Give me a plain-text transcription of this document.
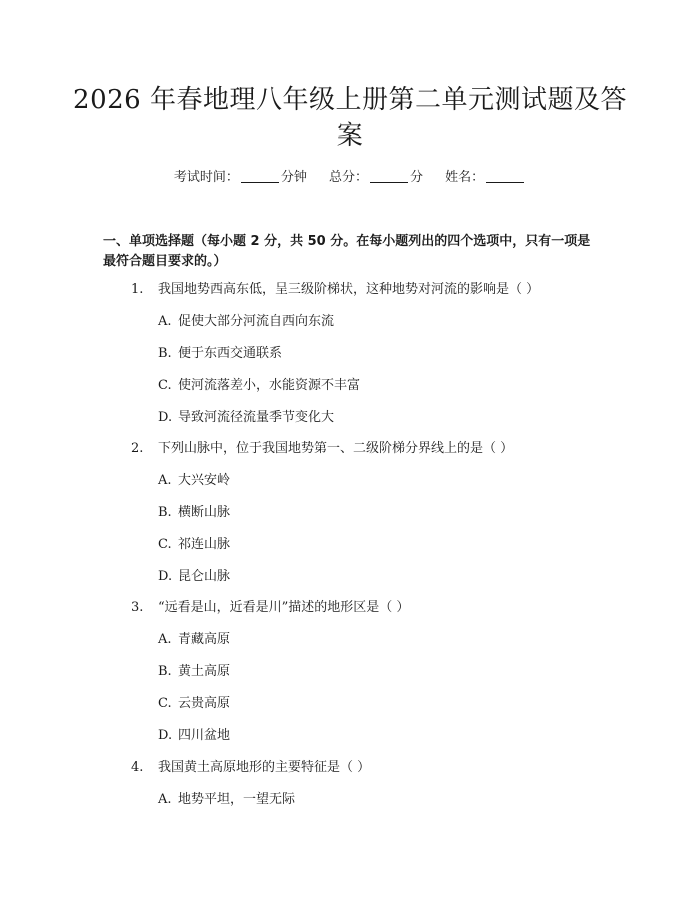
2026 年春地理八年级上册第二单元测试题及答案
考试时间：	分钟 总分：	分 姓名：
一、单项选择题（每小题 2 分，共 50 分。在每小题列出的四个选项中，只有一项是最符合题目要求的。）
1. 我国地势西高东低，呈三级阶梯状，这种地势对河流的影响是（ ）
A. 促使大部分河流自西向东流
B. 便于东西交通联系
C. 使河流落差小，水能资源不丰富
D. 导致河流径流量季节变化大
2. 下列山脉中，位于我国地势第一、二级阶梯分界线上的是（ ）
A. 大兴安岭
B. 横断山脉
C. 祁连山脉
D. 昆仑山脉
3. “远看是山，近看是川”描述的地形区是（ ）
A. 青藏高原
B. 黄土高原
C. 云贵高原
D. 四川盆地
4. 我国黄土高原地形的主要特征是（ ）
A. 地势平坦，一望无际
